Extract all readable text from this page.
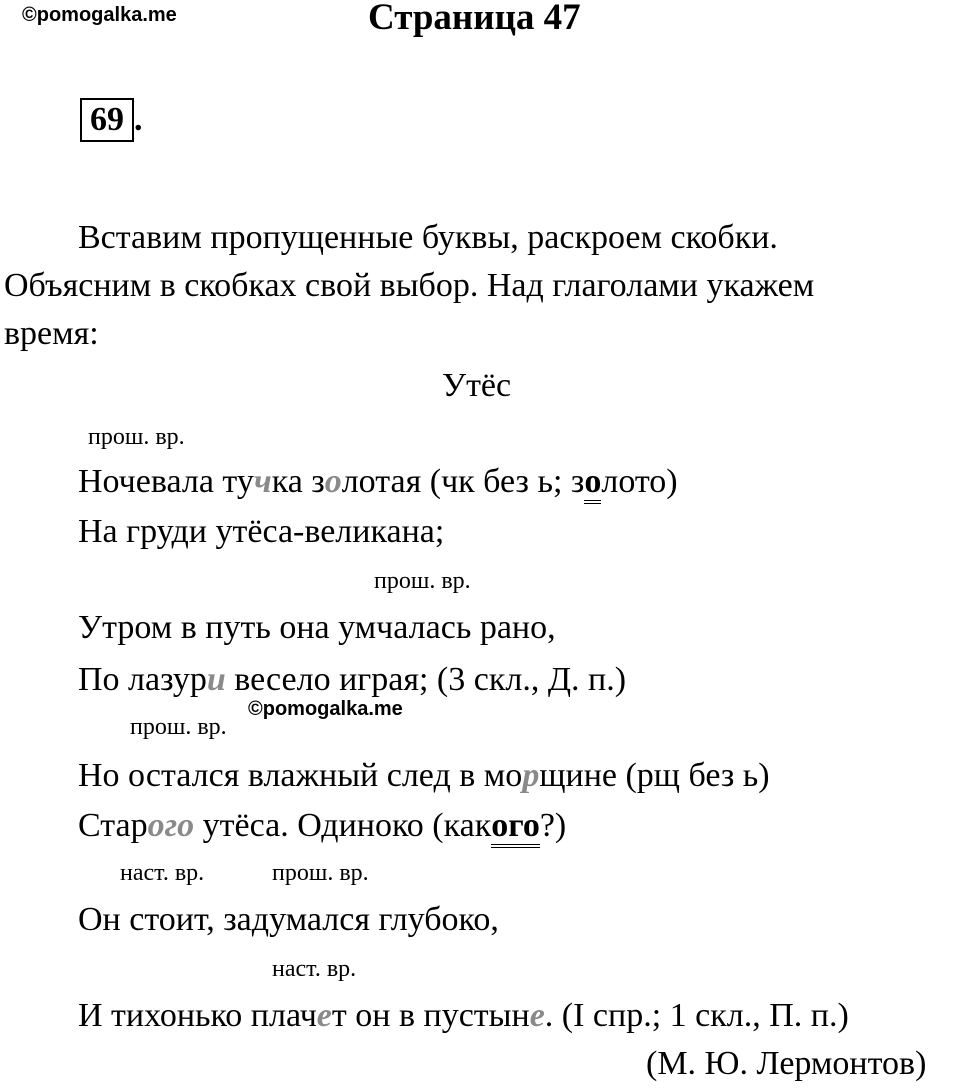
©pomogalka.me	Страница 47
69 .
Вставим пропущенные буквы, раскроем скобки.
Объясним в скобках свой выбор. Над глаголами укажем
время:
Утёс
прош. вр.
Ночевала тучка золотая (чк без ь; золото)
На груди утёса-великана;
прош. вр.
Утром в путь она умчалась рано,
По лазури весело играя; (3 скл., Д. п.)
©pomogalka.me
прош. вр.
Но остался влажный след в морщине (рщ без ь)
Старого утёса. Одиноко (какого?)
наст. вр.	прош. вр.
Он стоит, задумался глубоко,
наст. вр.
И тихонько плачет он в пустыне. (I спр.; 1 скл., П. п.)
(М. Ю. Лермонтов)
